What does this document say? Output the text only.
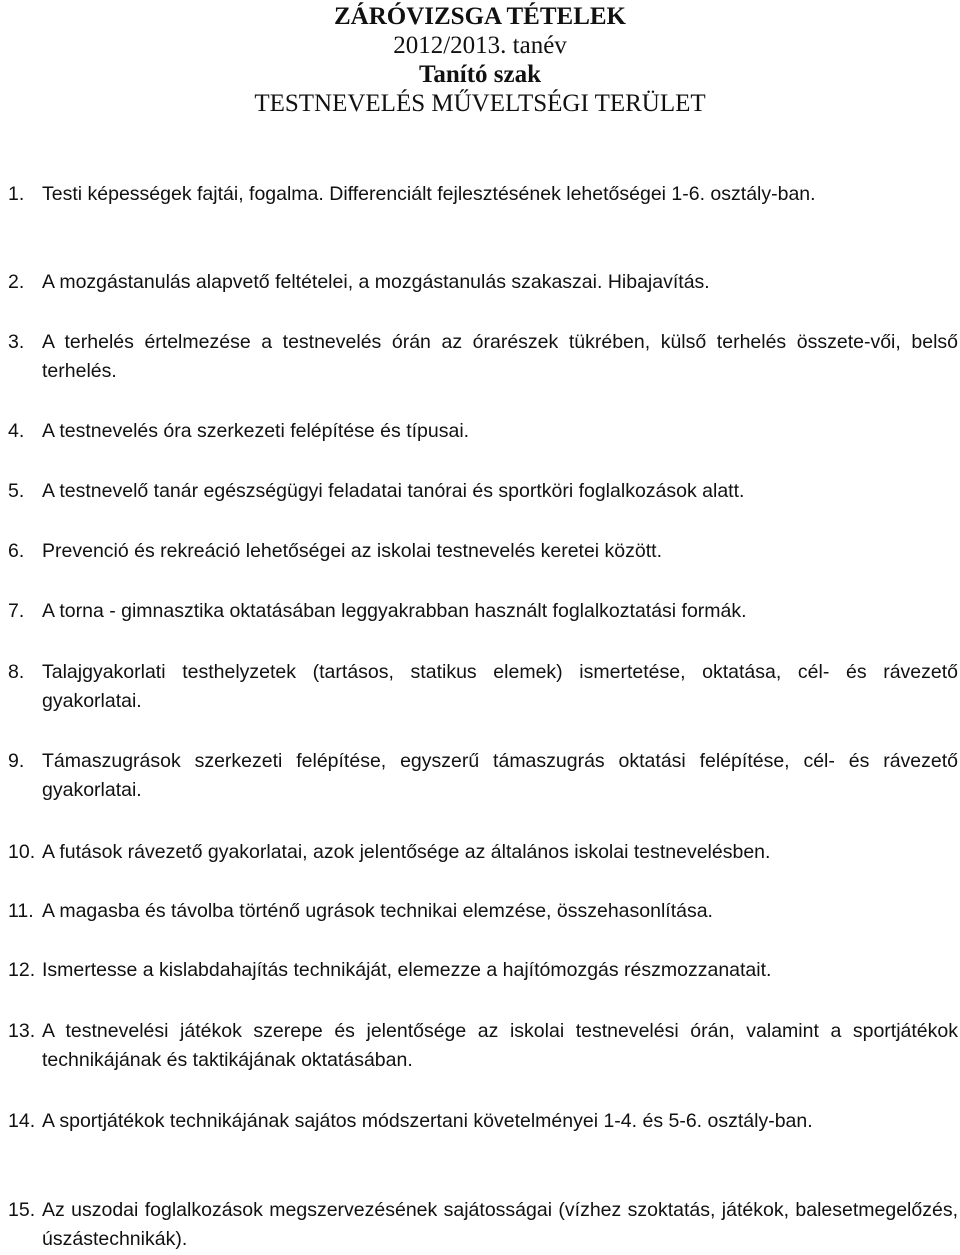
ZÁRÓVIZSGA TÉTELEK
2012/2013. tanév
Tanító szak
TESTNEVELÉS MŰVELTSÉGI TERÜLET
1. Testi képességek fajtái, fogalma. Differenciált fejlesztésének lehetőségei 1-6. osztály-ban.
2. A mozgástanulás alapvető feltételei, a mozgástanulás szakaszai. Hibajavítás.
3. A terhelés értelmezése a testnevelés órán az órarészek tükrében, külső terhelés összete-vői, belső terhelés.
4. A testnevelés óra szerkezeti felépítése és típusai.
5. A testnevelő tanár egészségügyi feladatai tanórai és sportköri foglalkozások alatt.
6. Prevenció és rekreáció lehetőségei az iskolai testnevelés keretei között.
7. A torna - gimnasztika oktatásában leggyakrabban használt foglalkoztatási formák.
8. Talajgyakorlati testhelyzetek (tartásos, statikus elemek) ismertetése, oktatása, cél- és rávezető gyakorlatai.
9. Támaszugrások szerkezeti felépítése, egyszerű támaszugrás oktatási felépítése, cél- és rávezető gyakorlatai.
10. A futások rávezető gyakorlatai, azok jelentősége az általános iskolai testnevelésben.
11. A magasba és távolba történő ugrások technikai elemzése, összehasonlítása.
12. Ismertesse a kislabdahajítás technikáját, elemezze a hajítómozgás részmozzanatait.
13. A testnevelési játékok szerepe és jelentősége az iskolai testnevelési órán, valamint a sportjátékok technikájának és taktikájának oktatásában.
14. A sportjátékok technikájának sajátos módszertani követelményei 1-4. és 5-6. osztály-ban.
15. Az uszodai foglalkozások megszervezésének sajátosságai (vízhez szoktatás, játékok, balesetmegelőzés, úszástechnikák).
